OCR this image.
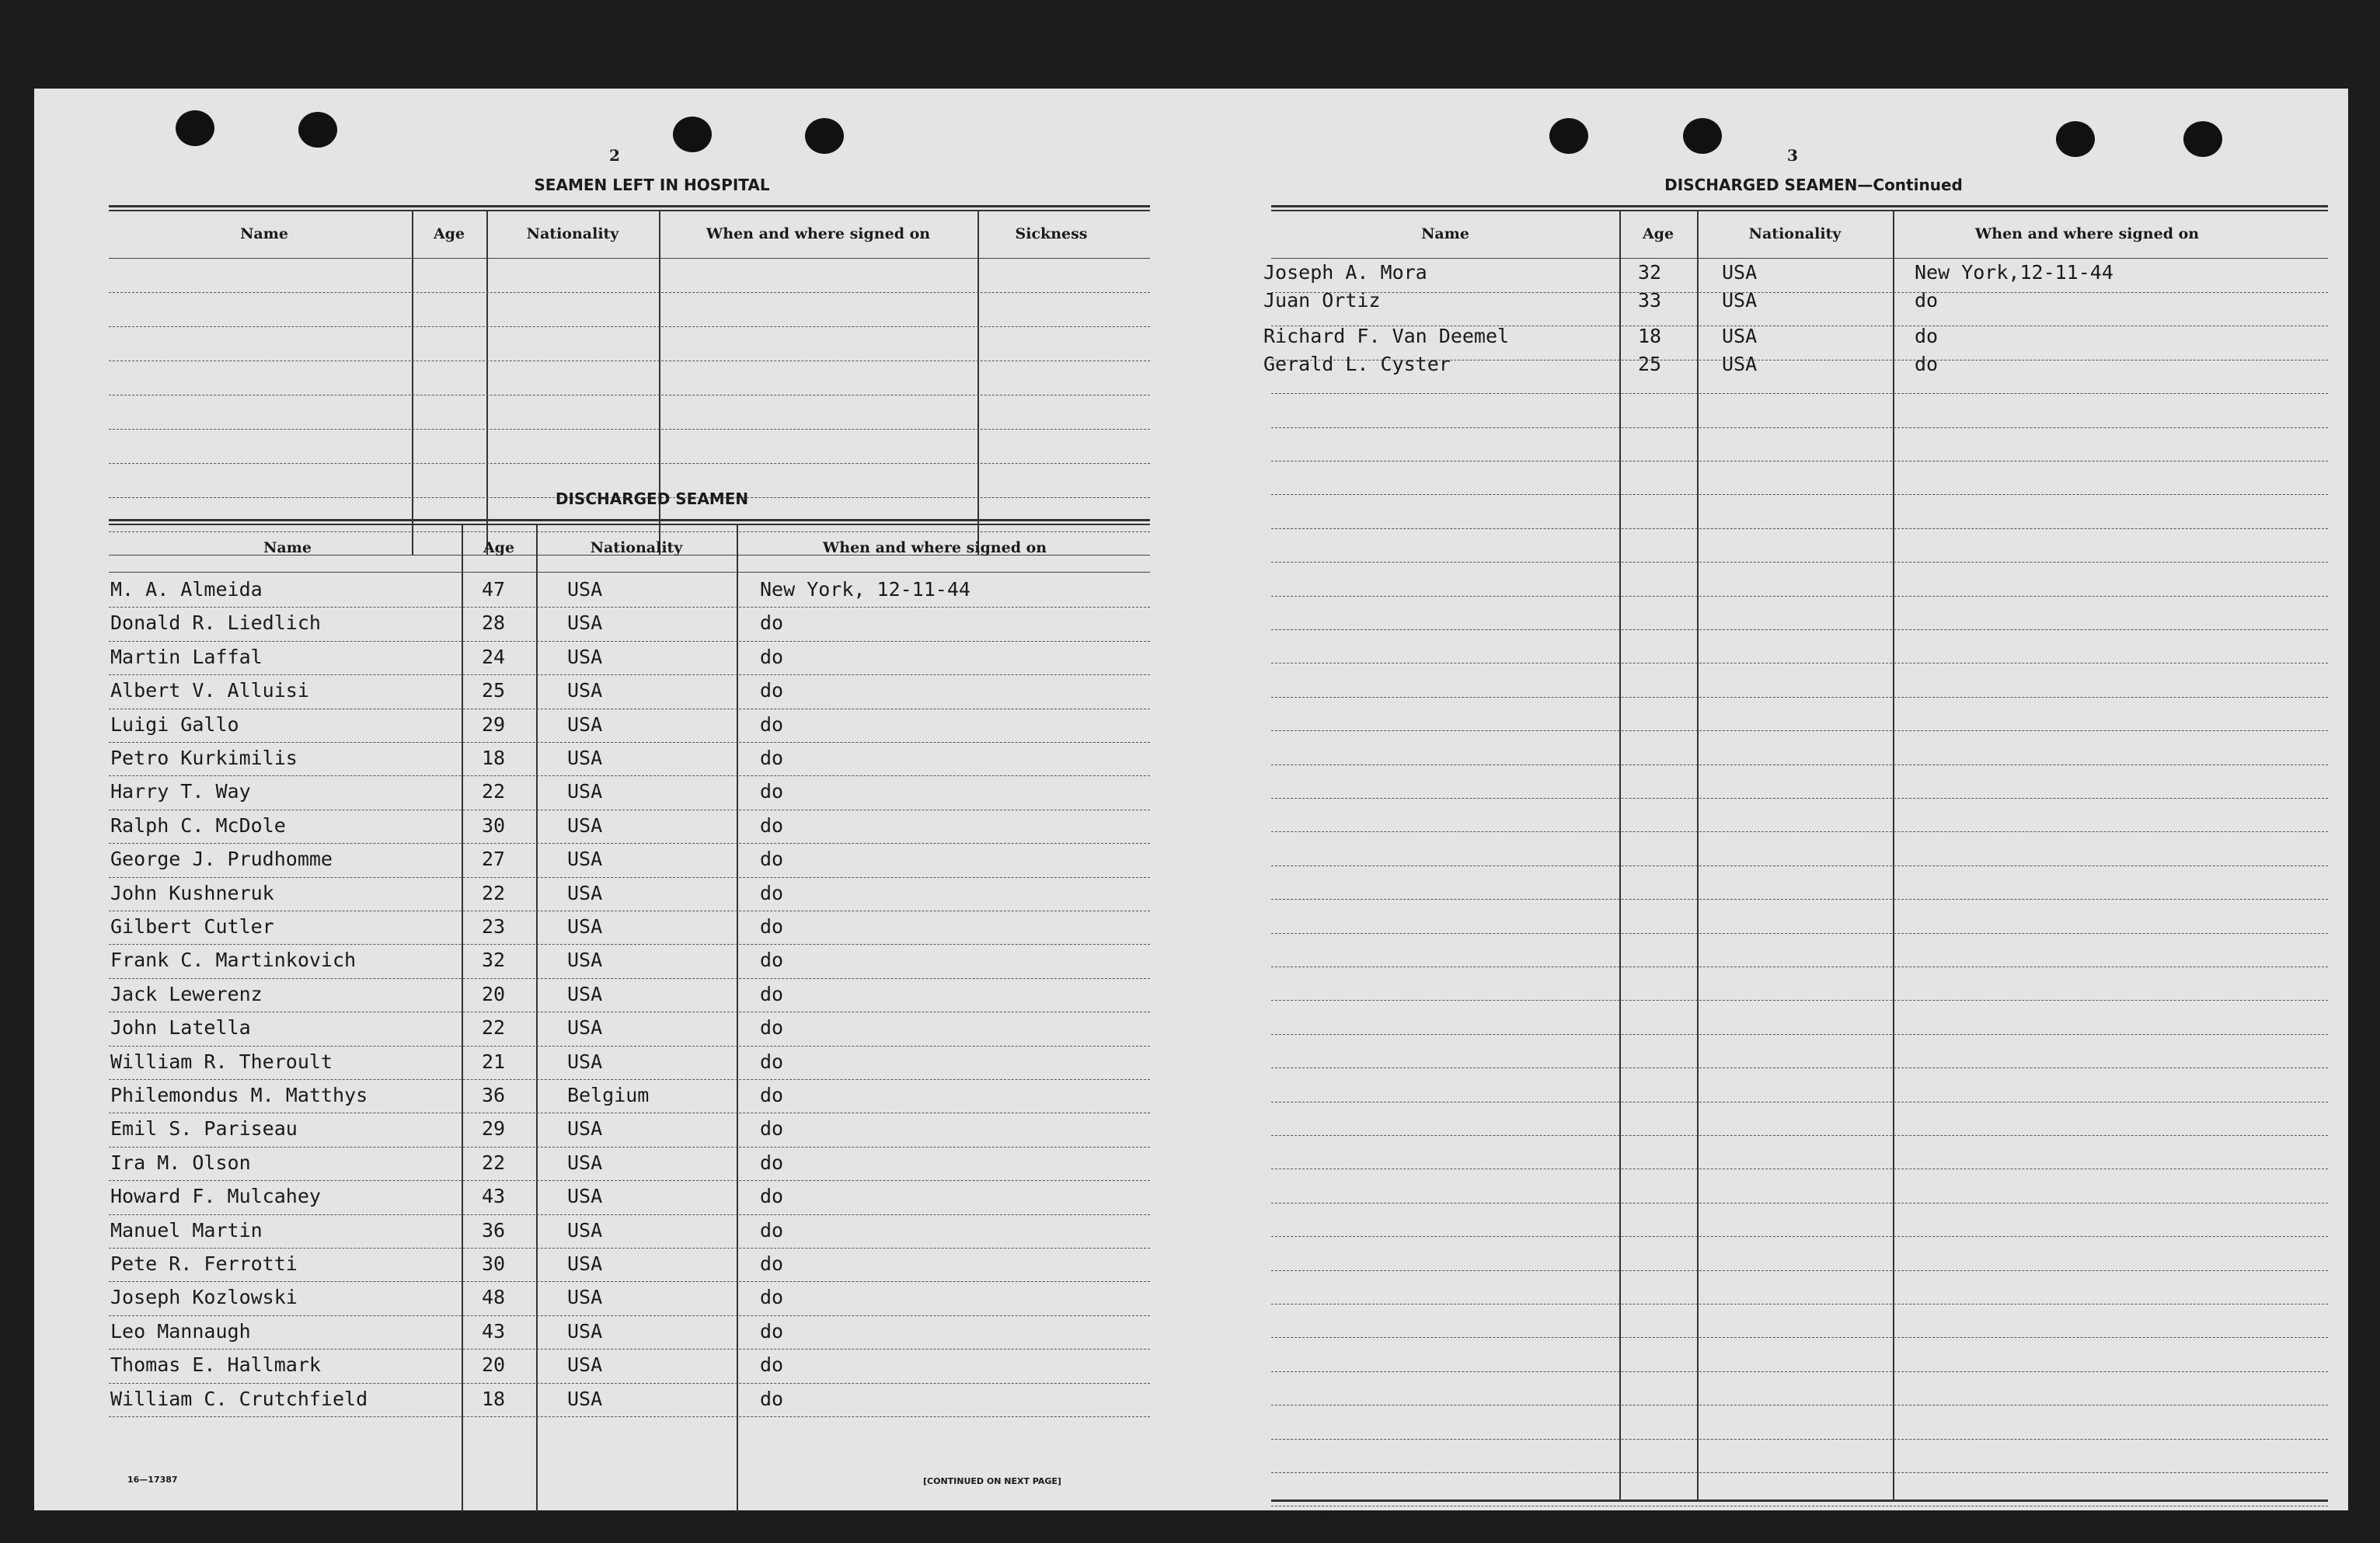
2
SEAMEN LEFT IN HOSPITAL
Name	Age	Nationality	When and where signed on	Sickness
DISCHARGED SEAMEN
Name	Age	Nationality	When and where signed on
M. A. Almeida	47	USA	New York, 12-11-44
Donald R. Liedlich	28	USA	do
Martin Laffal	24	USA	do
Albert V. Alluisi	25	USA	do
Luigi Gallo	29	USA	do
Petro Kurkimilis	18	USA	do
Harry T. Way	22	USA	do
Ralph C. McDole	30	USA	do
George J. Prudhomme	27	USA	do
John Kushneruk	22	USA	do
Gilbert Cutler	23	USA	do
Frank C. Martinkovich	32	USA	do
Jack Lewerenz	20	USA	do
John Latella	22	USA	do
William R. Theroult	21	USA	do
Philemondus M. Matthys	36	Belgium	do
Emil S. Pariseau	29	USA	do
Ira M. Olson	22	USA	do
Howard F. Mulcahey	43	USA	do
Manuel Martin	36	USA	do
Pete R. Ferrotti	30	USA	do
Joseph Kozlowski	48	USA	do
Leo Mannaugh	43	USA	do
Thomas E. Hallmark	20	USA	do
William C. Crutchfield	18	USA	do
16—17387	[CONTINUED ON NEXT PAGE]
3
DISCHARGED SEAMEN—Continued
Name	Age	Nationality	When and where signed on
Joseph A. Mora	32	USA	New York,12-11-44
Juan Ortiz	33	USA	do
Richard F. Van Deemel	18	USA	do
Gerald L. Cyster	25	USA	do
16—17387
